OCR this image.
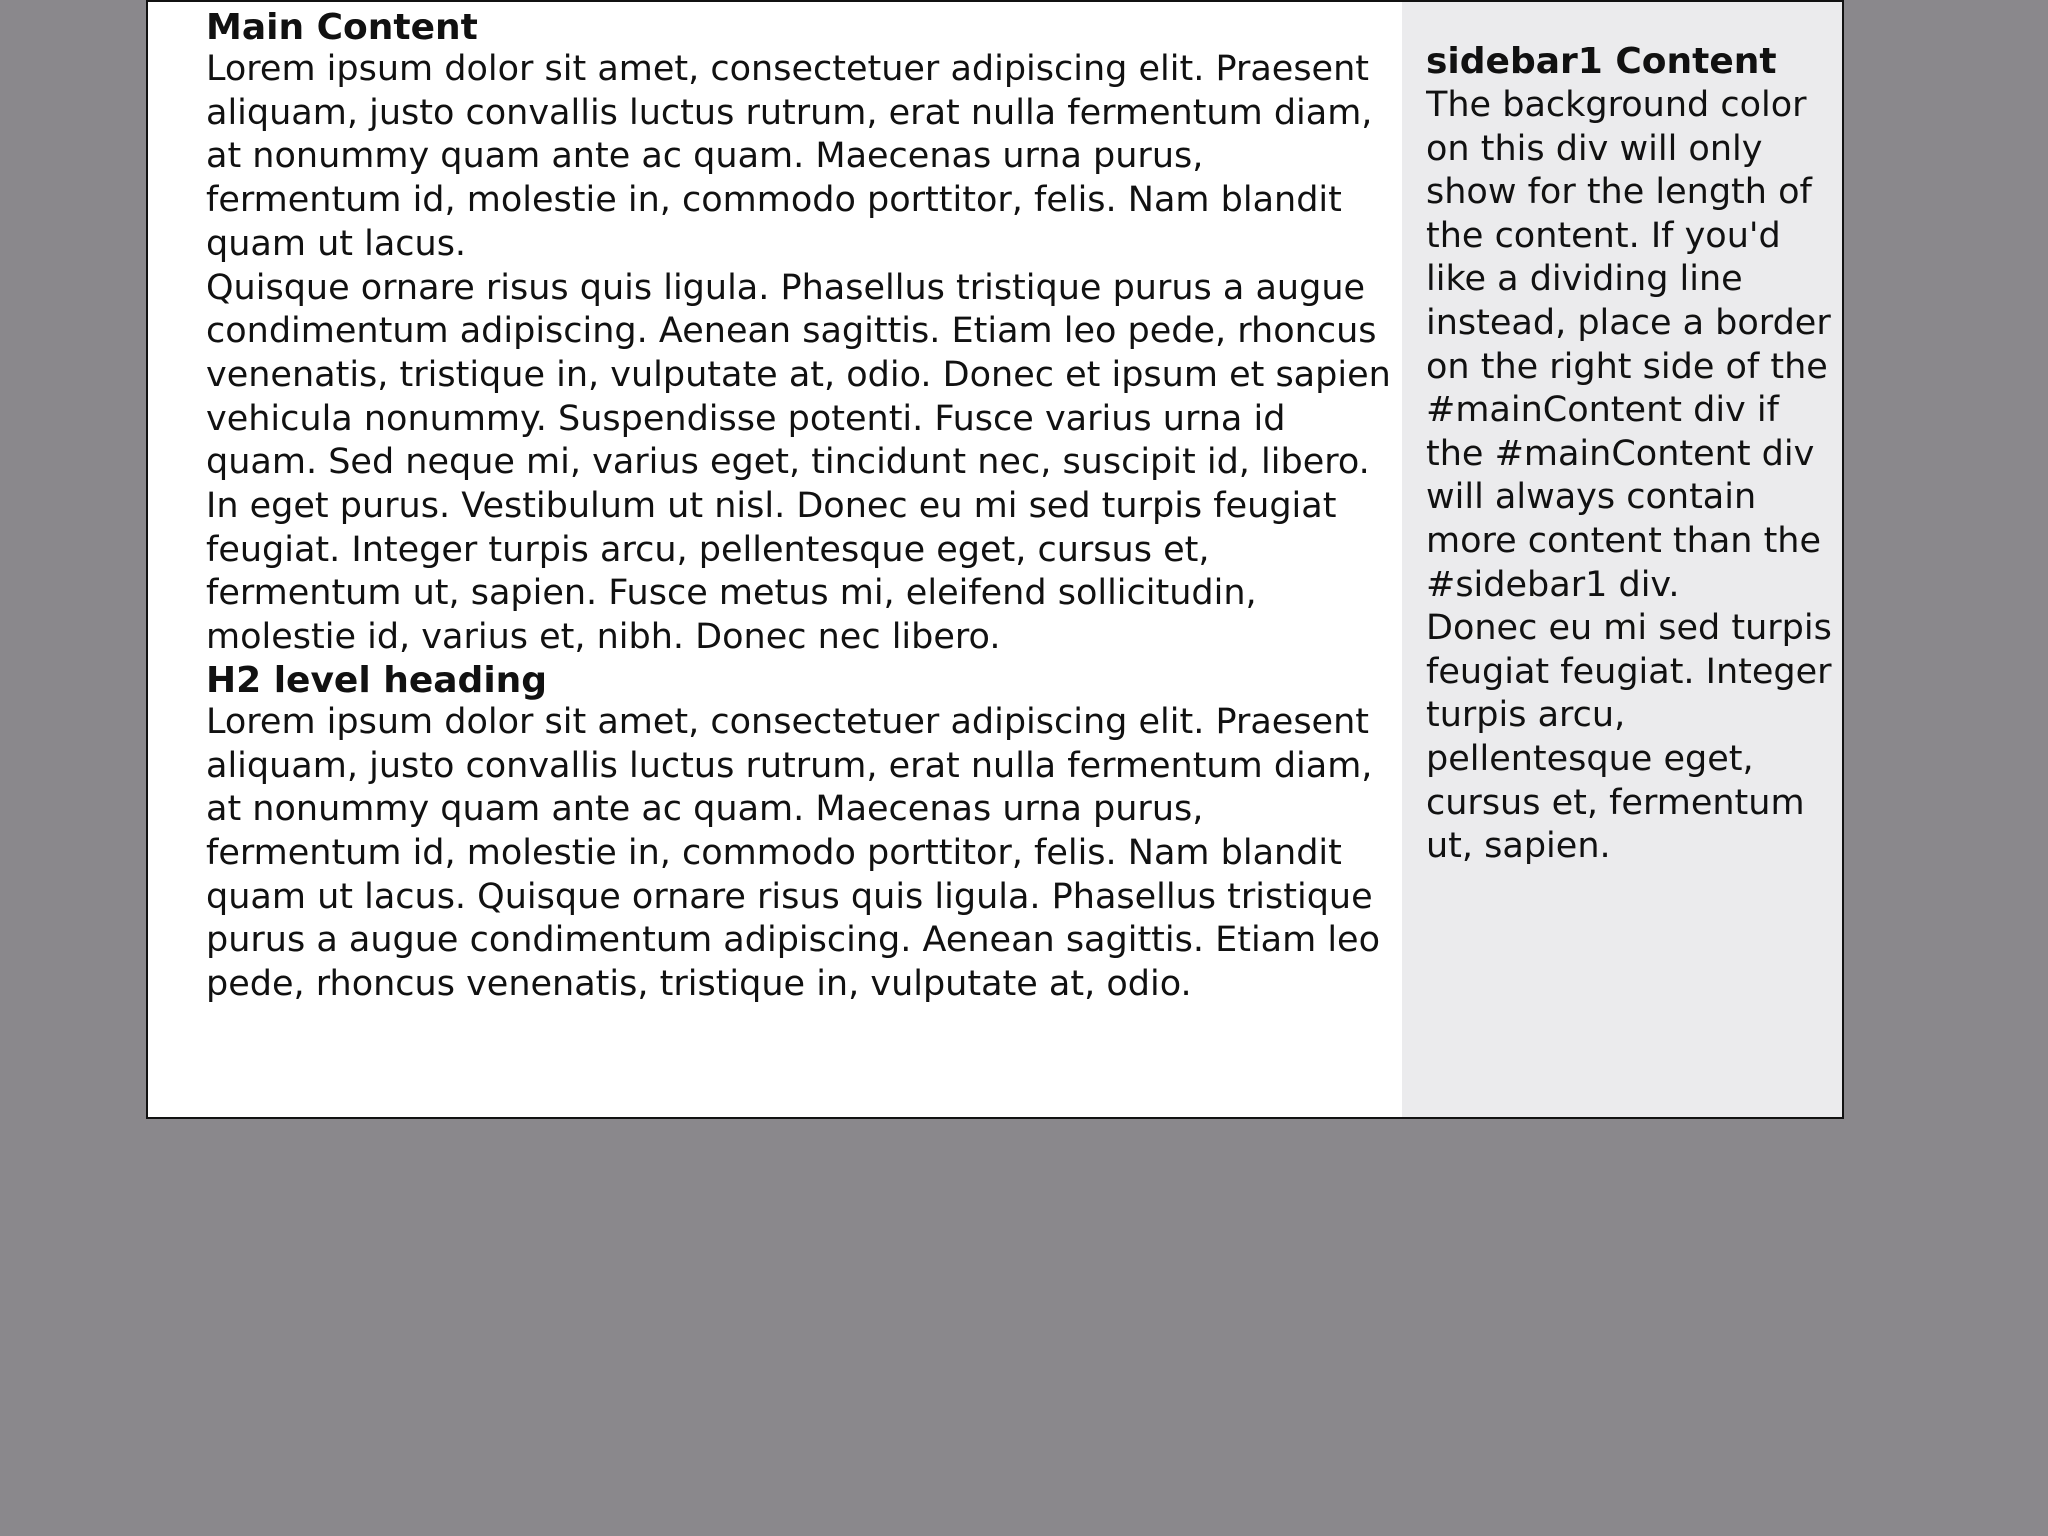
Main Content

Lorem ipsum dolor sit amet, consectetuer adipiscing elit. Praesent aliquam, justo convallis luctus rutrum, erat nulla fermentum diam, at nonummy quam ante ac quam. Maecenas urna purus, fermentum id, molestie in, commodo porttitor, felis. Nam blandit quam ut lacus.

Quisque ornare risus quis ligula. Phasellus tristique purus a augue condimentum adipiscing. Aenean sagittis. Etiam leo pede, rhoncus venenatis, tristique in, vulputate at, odio. Donec et ipsum et sapien vehicula nonummy. Suspendisse potenti. Fusce varius urna id quam. Sed neque mi, varius eget, tincidunt nec, suscipit id, libero. In eget purus. Vestibulum ut nisl. Donec eu mi sed turpis feugiat feugiat. Integer turpis arcu, pellentesque eget, cursus et, fermentum ut, sapien. Fusce metus mi, eleifend sollicitudin, molestie id, varius et, nibh. Donec nec libero.

H2 level heading

Lorem ipsum dolor sit amet, consectetuer adipiscing elit. Praesent aliquam, justo convallis luctus rutrum, erat nulla fermentum diam, at nonummy quam ante ac quam. Maecenas urna purus, fermentum id, molestie in, commodo porttitor, felis. Nam blandit quam ut lacus. Quisque ornare risus quis ligula. Phasellus tristique purus a augue condimentum adipiscing. Aenean sagittis. Etiam leo pede, rhoncus venenatis, tristique in, vulputate at, odio.

sidebar1 Content

The background color on this div will only show for the length of the content. If you'd like a dividing line instead, place a border on the right side of the #mainContent div if the #mainContent div will always contain more content than the #sidebar1 div.

Donec eu mi sed turpis feugiat feugiat. Integer turpis arcu, pellentesque eget, cursus et, fermentum ut, sapien.
